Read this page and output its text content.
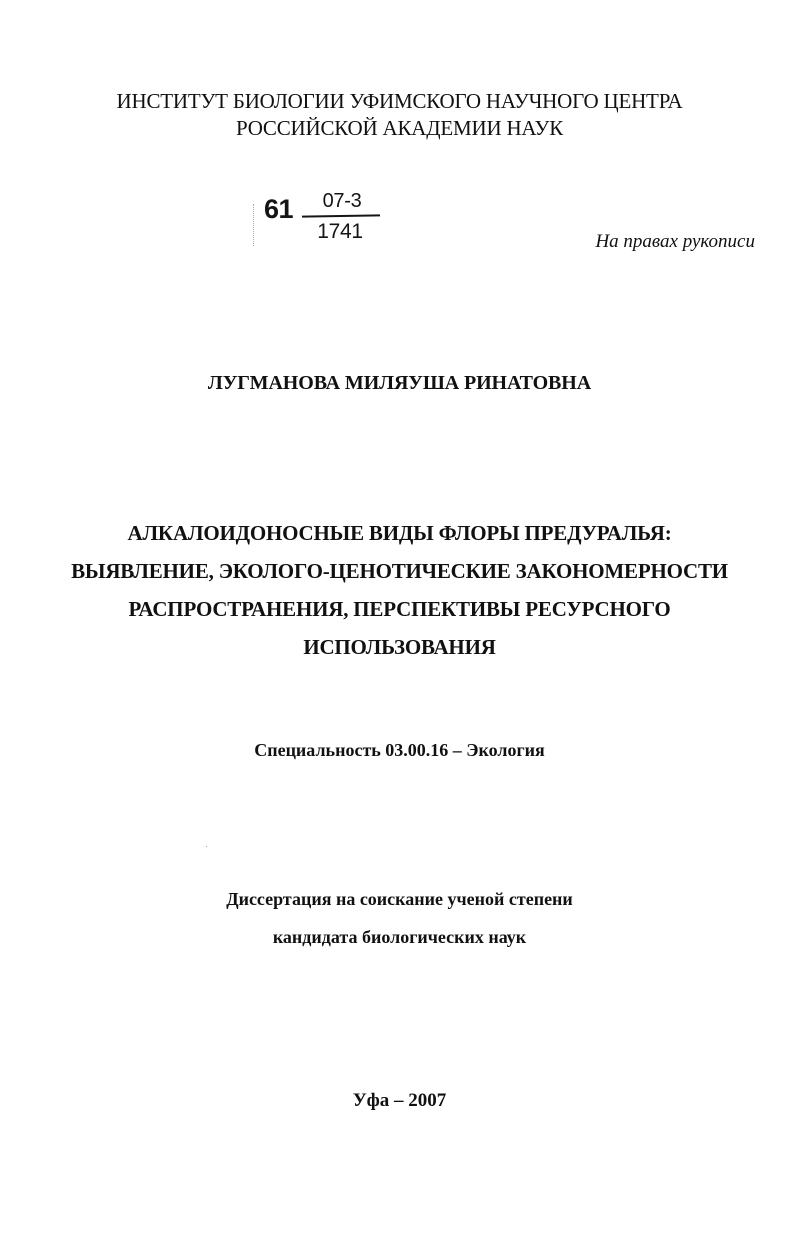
ИНСТИТУТ БИОЛОГИИ УФИМСКОГО НАУЧНОГО ЦЕНТРА
РОССИЙСКОЙ АКАДЕМИИ НАУК
61	07-3
1741	На правах рукописи
ЛУГМАНОВА МИЛЯУША РИНАТОВНА
АЛКАЛОИДОНОСНЫЕ ВИДЫ ФЛОРЫ ПРЕДУРАЛЬЯ:
ВЫЯВЛЕНИЕ, ЭКОЛОГО-ЦЕНОТИЧЕСКИЕ ЗАКОНОМЕРНОСТИ
РАСПРОСТРАНЕНИЯ, ПЕРСПЕКТИВЫ РЕСУРСНОГО
ИСПОЛЬЗОВАНИЯ
Специальность 03.00.16 – Экология
Диссертация на соискание ученой степени
кандидата биологических наук
Уфа – 2007
